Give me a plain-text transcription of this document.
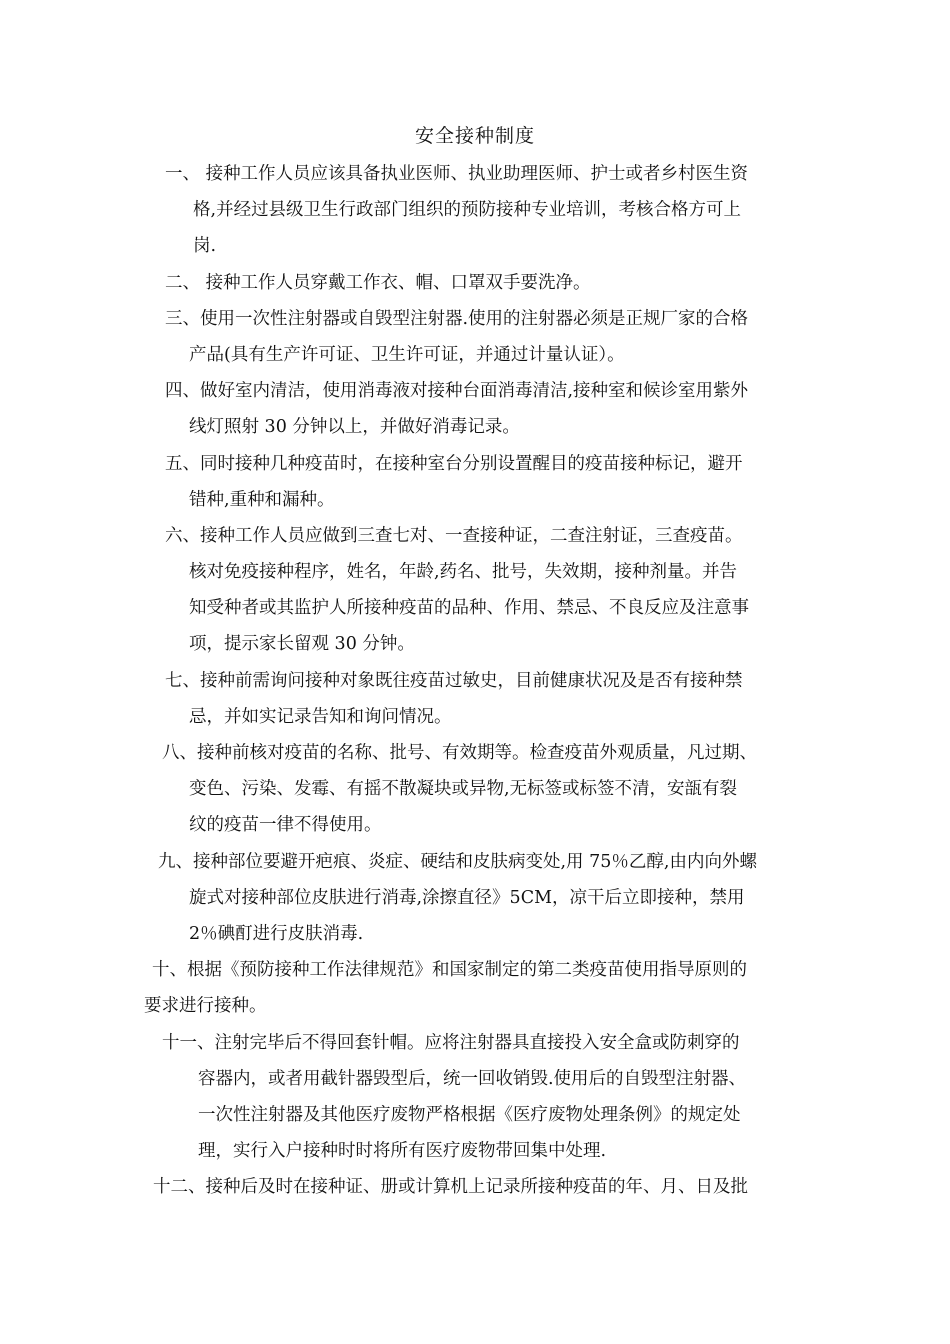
安全接种制度
一、 接种工作人员应该具备执业医师、执业助理医师、护士或者乡村医生资
格,并经过县级卫生行政部门组织的预防接种专业培训，考核合格方可上
岗.
二、 接种工作人员穿戴工作衣、帽、口罩双手要洗净。
三、使用一次性注射器或自毁型注射器.使用的注射器必须是正规厂家的合格
产品(具有生产许可证、卫生许可证，并通过计量认证）。
四、做好室内清洁，使用消毒液对接种台面消毒清洁,接种室和候诊室用紫外
线灯照射 30 分钟以上，并做好消毒记录。
五、同时接种几种疫苗时，在接种室台分别设置醒目的疫苗接种标记，避开
错种,重种和漏种。
六、接种工作人员应做到三查七对、一查接种证，二查注射证，三查疫苗。
核对免疫接种程序，姓名，年龄,药名、批号，失效期，接种剂量。并告
知受种者或其监护人所接种疫苗的品种、作用、禁忌、不良反应及注意事
项，提示家长留观 30 分钟。
七、接种前需询问接种对象既往疫苗过敏史，目前健康状况及是否有接种禁
忌，并如实记录告知和询问情况。
八、接种前核对疫苗的名称、批号、有效期等。检查疫苗外观质量，凡过期、
变色、污染、发霉、有摇不散凝块或异物,无标签或标签不清，安瓿有裂
纹的疫苗一律不得使用。
九、接种部位要避开疤痕、炎症、硬结和皮肤病变处,用 75％乙醇,由内向外螺
旋式对接种部位皮肤进行消毒,涂擦直径》5CM，凉干后立即接种，禁用
2％碘酊进行皮肤消毒.
十、根据《预防接种工作法律规范》和国家制定的第二类疫苗使用指导原则的
要求进行接种。
十一、注射完毕后不得回套针帽。应将注射器具直接投入安全盒或防刺穿的
容器内，或者用截针器毁型后，统一回收销毁.使用后的自毁型注射器、
一次性注射器及其他医疗废物严格根据《医疗废物处理条例》的规定处
理，实行入户接种时时将所有医疗废物带回集中处理.
十二、接种后及时在接种证、册或计算机上记录所接种疫苗的年、月、日及批
